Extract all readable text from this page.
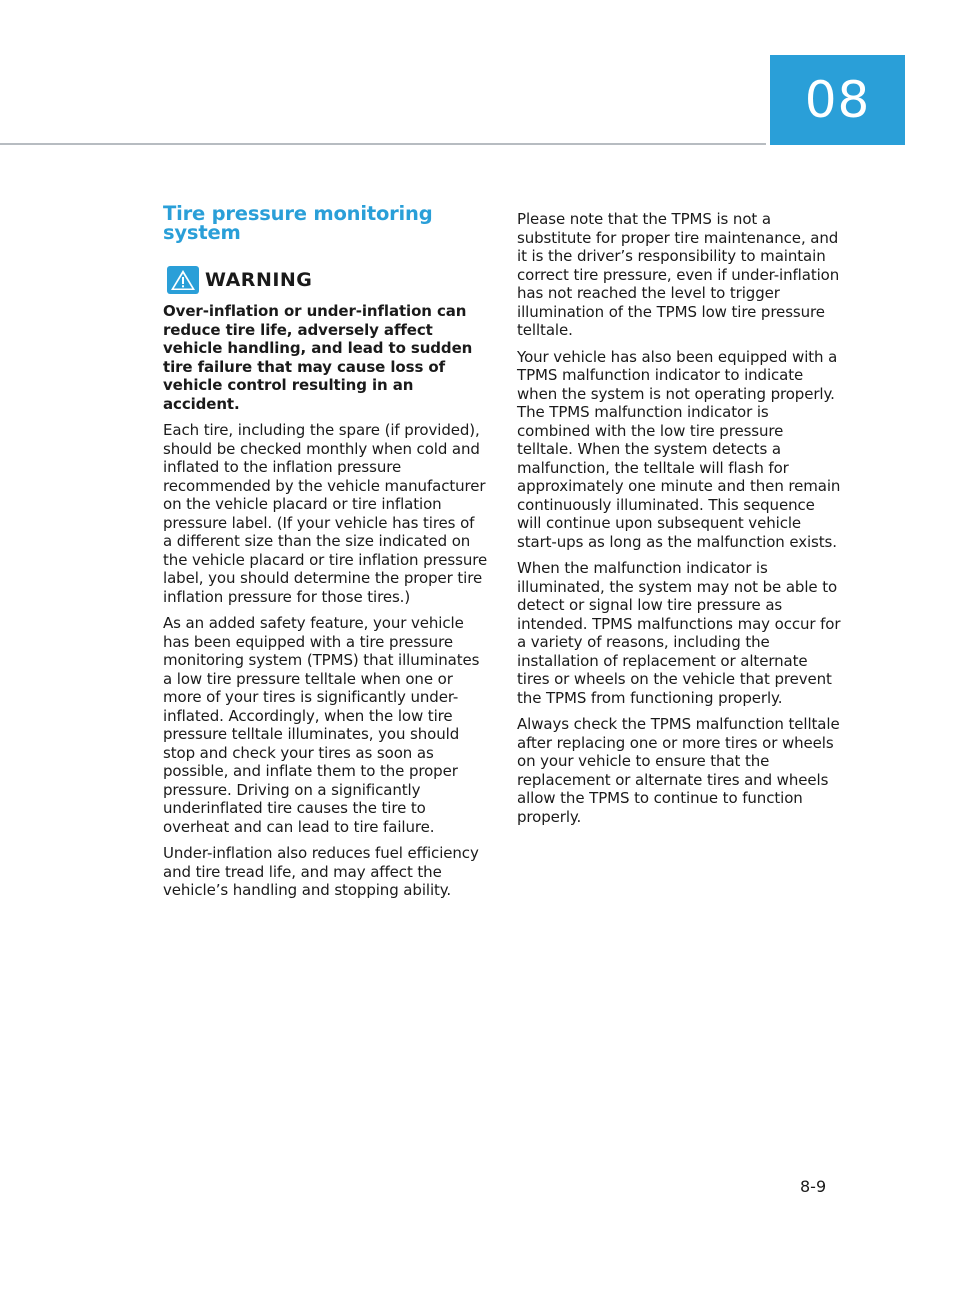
08
Tire pressure monitoring system
WARNING

Over-inflation or under-inflation can reduce tire life, adversely affect vehicle handling, and lead to sudden tire failure that may cause loss of vehicle control resulting in an accident.

Each tire, including the spare (if provided), should be checked monthly when cold and inflated to the inflation pressure recommended by the vehicle manufacturer on the vehicle placard or tire inflation pressure label. (If your vehicle has tires of a different size than the size indicated on the vehicle placard or tire inflation pressure label, you should determine the proper tire inflation pressure for those tires.)

As an added safety feature, your vehicle has been equipped with a tire pressure monitoring system (TPMS) that illuminates a low tire pressure telltale when one or more of your tires is significantly under-inflated. Accordingly, when the low tire pressure telltale illuminates, you should stop and check your tires as soon as possible, and inflate them to the proper pressure. Driving on a significantly underinflated tire causes the tire to overheat and can lead to tire failure.

Under-inflation also reduces fuel efficiency and tire tread life, and may affect the vehicle’s handling and stopping ability.

Please note that the TPMS is not a substitute for proper tire maintenance, and it is the driver’s responsibility to maintain correct tire pressure, even if under-inflation has not reached the level to trigger illumination of the TPMS low tire pressure telltale.

Your vehicle has also been equipped with a TPMS malfunction indicator to indicate when the system is not operating properly. The TPMS malfunction indicator is combined with the low tire pressure telltale. When the system detects a malfunction, the telltale will flash for approximately one minute and then remain continuously illuminated. This sequence will continue upon subsequent vehicle start-ups as long as the malfunction exists.

When the malfunction indicator is illuminated, the system may not be able to detect or signal low tire pressure as intended. TPMS malfunctions may occur for a variety of reasons, including the installation of replacement or alternate tires or wheels on the vehicle that prevent the TPMS from functioning properly.

Always check the TPMS malfunction telltale after replacing one or more tires or wheels on your vehicle to ensure that the replacement or alternate tires and wheels allow the TPMS to continue to function properly.

8-9
